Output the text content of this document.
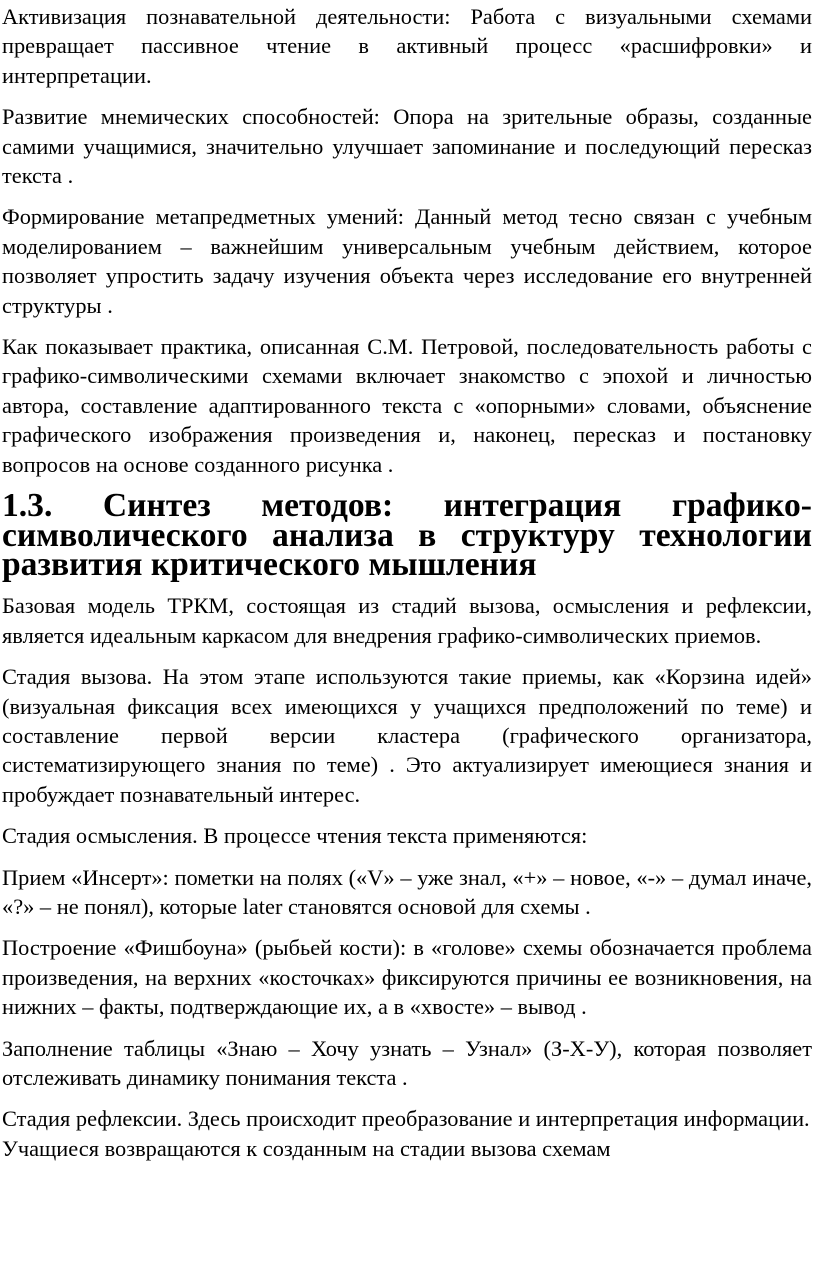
Активизация познавательной деятельности: Работа с визуальными схемами превращает пассивное чтение в активный процесс «расшифровки» и интерпретации.

Развитие мнемических способностей: Опора на зрительные образы, созданные самими учащимися, значительно улучшает запоминание и последующий пересказ текста .

Формирование метапредметных умений: Данный метод тесно связан с учебным моделированием – важнейшим универсальным учебным действием, которое позволяет упростить задачу изучения объекта через исследование его внутренней структуры .

Как показывает практика, описанная С.М. Петровой, последовательность работы с графико-символическими схемами включает знакомство с эпохой и личностью автора, составление адаптированного текста с «опорными» словами, объяснение графического изображения произведения и, наконец, пересказ и постановку вопросов на основе созданного рисунка .

1.3. Синтез методов: интеграция графико-символического анализа в структуру технологии развития критического мышления

Базовая модель ТРКМ, состоящая из стадий вызова, осмысления и рефлексии, является идеальным каркасом для внедрения графико-символических приемов.

Стадия вызова. На этом этапе используются такие приемы, как «Корзина идей» (визуальная фиксация всех имеющихся у учащихся предположений по теме) и составление первой версии кластера (графического организатора, систематизирующего знания по теме) . Это актуализирует имеющиеся знания и пробуждает познавательный интерес.

Стадия осмысления. В процессе чтения текста применяются:

Прием «Инсерт»: пометки на полях («V» – уже знал, «+» – новое, «-» – думал иначе, «?» – не понял), которые later становятся основой для схемы .

Построение «Фишбоуна» (рыбьей кости): в «голове» схемы обозначается проблема произведения, на верхних «косточках» фиксируются причины ее возникновения, на нижних – факты, подтверждающие их, а в «хвосте» – вывод .

Заполнение таблицы «Знаю – Хочу узнать – Узнал» (З-Х-У), которая позволяет отслеживать динамику понимания текста .

Стадия рефлексии. Здесь происходит преобразование и интерпретация информации. Учащиеся возвращаются к созданным на стадии вызова схемам
